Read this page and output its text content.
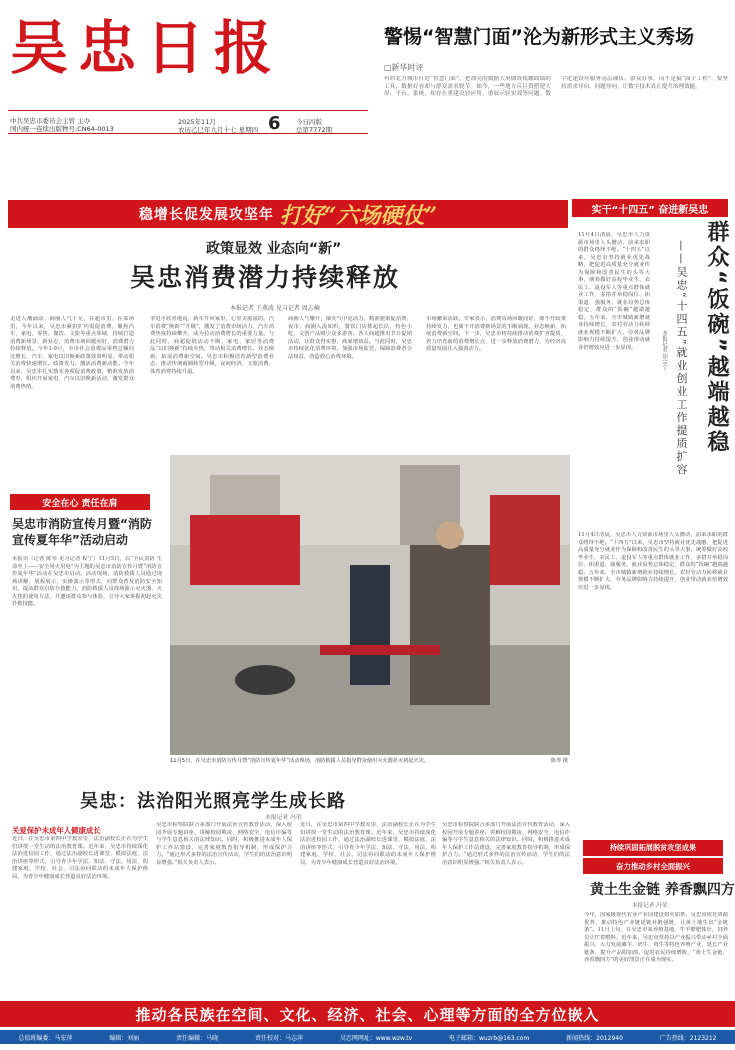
吴忠日报
中共吴忠市委员会主管 主办
国内统一连续出版物号:CN64-0013
2025年11月
农历乙巳年九月十七 星期四 6 今日四版
总第7772期
警惕“智慧门面”沦为新形式主义秀场
□新华时评
有的北方城市打造“智慧门面”，把漂亮的数据大屏做成炫耀政绩的工具，数据好看却与群众需求脱节。如今，一些地方斥巨资搭建大屏、平台、系统，却存在重建设轻应用、重展示轻实效等问题。数字化建设应服务基层减负、群众办事，而不是搞“面子工程”。要坚持需求导向、问题导向，让数字技术真正提升治理效能。
稳增长促发展攻坚年 打好“六场硬仗”
政策显效 业态向“新”
吴忠消费潜力持续释放
本报记者 王燕波 见习记者 周志楠
走进人潮涌动、商圈人气十足，在超市里、在菜场里，今年以来，吴忠市紧扣扩内需促消费，聚焦汽车、家电、零售、餐饮、文旅等重点领域，持续打造消费新场景、新业态，消费市场回暖向好，消费潜力持续释放。今年1-9月，全市社会消费品零售总额同比增长，汽车、家电以旧换新政策效果明显，带动相关消费快速增长。政策发力，激活消费新动能。今年以来，吴忠市扎实落实各项促消费政策，精准发放消费券，组织开展家电、汽车以旧换新活动，激发群众消费热情。
李进才欣喜地说，新车开回家里，心里美滋滋的。汽车消费“换新”“升级”，激发了消费市场活力。汽车消费热度持续攀升，成为拉动消费增长的重要力量。与此同时，商超促销活动不断，家电、家居等消费品“以旧换新”持续火热，带动相关消费增长。业态焕新，拓展消费新空间。吴忠市积极培育新型消费业态，推动传统商圈转型升级，夜间经济、文旅消费、体育消费持续升温。
商圈人气攀升，烟火气中见活力。精准施策促消费，夜市、商圈人流如织，餐饮门店排起长队，特色小吃、文创产品吸引众多游客。各大商超推出节日促销活动，让群众得实惠、商家增效益。与此同时，吴忠市持续优化消费环境，加强市场监管，保障消费者合法权益，营造放心消费环境。
市场繁荣活跃。专家表示，消费市场回暖向好，离不开政策持续发力，也离不开消费新场景的不断涌现。业态焕新，拓展消费新空间。下一步，吴忠市将持续推动消费扩容提质，着力培育新的消费增长点，进一步释放消费潜力，为经济高质量发展注入强劲动力。
实干“十四五” 奋进新吴忠
群众“饭碗”越端越稳
——吴忠“十四五”就业创业工作提质扩容
本报记者 胡宗宁
11月4日清晨，吴忠市人力资源市场里人头攒动，前来求职的群众络绎不绝。“十四五”以来，吴忠市坚持就业优先战略，把促进高质量充分就业作为保障和改善民生的头等大事，统筹做好高校毕业生、农民工、退役军人等重点群体就业工作，多措并举稳岗位、拓渠道、强服务，就业局势总体稳定，群众的“饭碗”越端越稳。五年来，全市城镇新增就业持续增长，农村劳动力转移就业规模不断扩大，劳务品牌影响力持续提升，创业带动就业倍增效应进一步显现。
11月4日清晨，吴忠市人力资源市场里人头攒动，前来求职的群众络绎不绝。“十四五”以来，吴忠市坚持就业优先战略，把促进高质量充分就业作为保障和改善民生的头等大事，统筹做好高校毕业生、农民工、退役军人等重点群体就业工作，多措并举稳岗位、拓渠道、强服务，就业局势总体稳定，群众的“饭碗”越端越稳。五年来，全市城镇新增就业持续增长，农村劳动力转移就业规模不断扩大，劳务品牌影响力持续提升，创业带动就业倍增效应进一步显现。
安全在心 责任在肩
吴忠市消防宣传月暨“消防宣传夏年华”活动启动
本报讯（记者 陈琴 见习记者 程宁）11月5日，以“全民消防 生命至上——安全用火用电”为主题的吴忠市消防宣传月暨“消防宣传夏年华”活动在吴忠市启动。活动现场，消防救援人员通过现场讲解、展板展示、实操演示等形式，向群众普及消防安全知识，提高群众自防自救能力。消防救援人员现场演示灭火器、灭火毯的使用方法，并邀请群众参与体验，引导大家掌握初起火灾扑救技能。
11月5日，在吴忠市消防宣传月暨“消防宣传夏年华”活动现场，消防救援人员指导群众使用灭火器扑灭初起火灾。	陈琴 摄
吴忠：法治阳光照亮学生成长路
本报记者 冯荣
关爱保护未成年人健康成长
近日，在吴忠市第四中学教室里，法治副校长正在为学生们讲授一堂生动的法治教育课。近年来，吴忠市持续深化法治进校园工作，通过法治副校长进课堂、模拟法庭、法治讲座等形式，引导青少年学法、知法、守法、用法，构建家庭、学校、社会、司法协同联动的未成年人保护格局，为青少年健康成长营造良好法治环境。
吴忠市检察院联合多部门开展法治宣传教育活动，深入校园开展专题讲座，讲解校园欺凌、网络安全、电信诈骗等与学生息息相关的法律知识。同时，积极推进未成年人保护工作站建设，完善家庭教育指导机制，形成保护合力。“通过形式多样的法治宣传活动，学生们的法治意识明显增强。”相关负责人表示。
近日，在吴忠市第四中学教室里，法治副校长正在为学生们讲授一堂生动的法治教育课。近年来，吴忠市持续深化法治进校园工作，通过法治副校长进课堂、模拟法庭、法治讲座等形式，引导青少年学法、知法、守法、用法，构建家庭、学校、社会、司法协同联动的未成年人保护格局，为青少年健康成长营造良好法治环境。
吴忠市检察院联合多部门开展法治宣传教育活动，深入校园开展专题讲座，讲解校园欺凌、网络安全、电信诈骗等与学生息息相关的法律知识。同时，积极推进未成年人保护工作站建设，完善家庭教育指导机制，形成保护合力。“通过形式多样的法治宣传活动，学生们的法治意识明显增强。”相关负责人表示。
持续巩固拓展脱贫攻坚成果
奋力推动乡村全面振兴
黄土生金链 养香飘四方
本报记者 冯荣
今年，国家级现代农业产业园建设如火如荼，吴忠市依托资源优势，推动特色产业链延链补链强链，让黄土地生出“金链条”。11月上旬，在吴忠市某养殖基地，牛羊膘肥体壮，饲养员正忙着喂料。近年来，吴忠市坚持以产业振兴带动乡村全面振兴，大力发展滩羊、奶牛、肉牛等特色养殖产业，延长产业链条，提升产品附加值，促进农民持续增收，“黄土生金链、养香飘四方”的美好图景正在成为现实。
推动各民族在空间、文化、经济、社会、心理等方面的全方位嵌入
总值班编委：马宏萍	编辑：刘丽	责任编辑：马晓	责任校对：马志萍	吴忠网网址：www.wzw.tv	电子邮箱：wuzrb@163.com	新闻热线：2012940	广告热线：2123212
